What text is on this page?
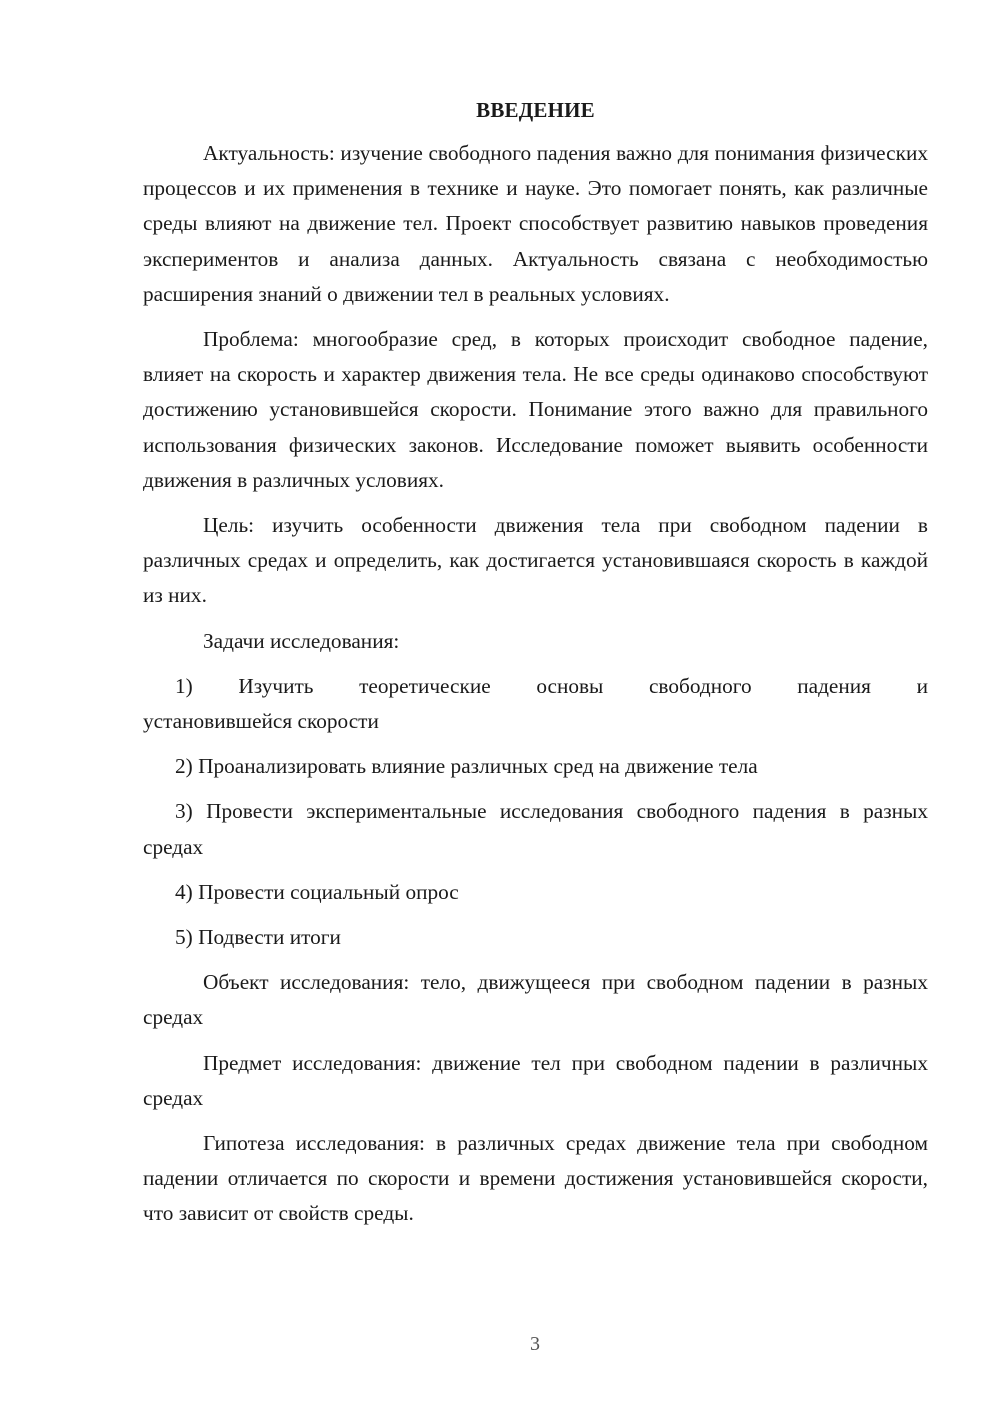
ВВЕДЕНИЕ

Актуальность: изучение свободного падения важно для понимания физических процессов и их применения в технике и науке. Это помогает понять, как различные среды влияют на движение тел. Проект способствует развитию навыков проведения экспериментов и анализа данных. Актуальность связана с необходимостью расширения знаний о движении тел в реальных условиях.

Проблема: многообразие сред, в которых происходит свободное падение, влияет на скорость и характер движения тела. Не все среды одинаково способствуют достижению установившейся скорости. Понимание этого важно для правильного использования физических законов. Исследование поможет выявить особенности движения в различных условиях.

Цель: изучить особенности движения тела при свободном падении в различных средах и определить, как достигается установившаяся скорость в каждой из них.

Задачи исследования:

1) Изучить теоретические основы свободного падения и
установившейся скорости

2) Проанализировать влияние различных сред на движение тела

3) Провести экспериментальные исследования свободного падения в разных средах

4) Провести социальный опрос

5) Подвести итоги

Объект исследования: тело, движущееся при свободном падении в разных средах

Предмет исследования: движение тел при свободном падении в различных средах

Гипотеза исследования: в различных средах движение тела при свободном падении отличается по скорости и времени достижения установившейся скорости, что зависит от свойств среды.

3
